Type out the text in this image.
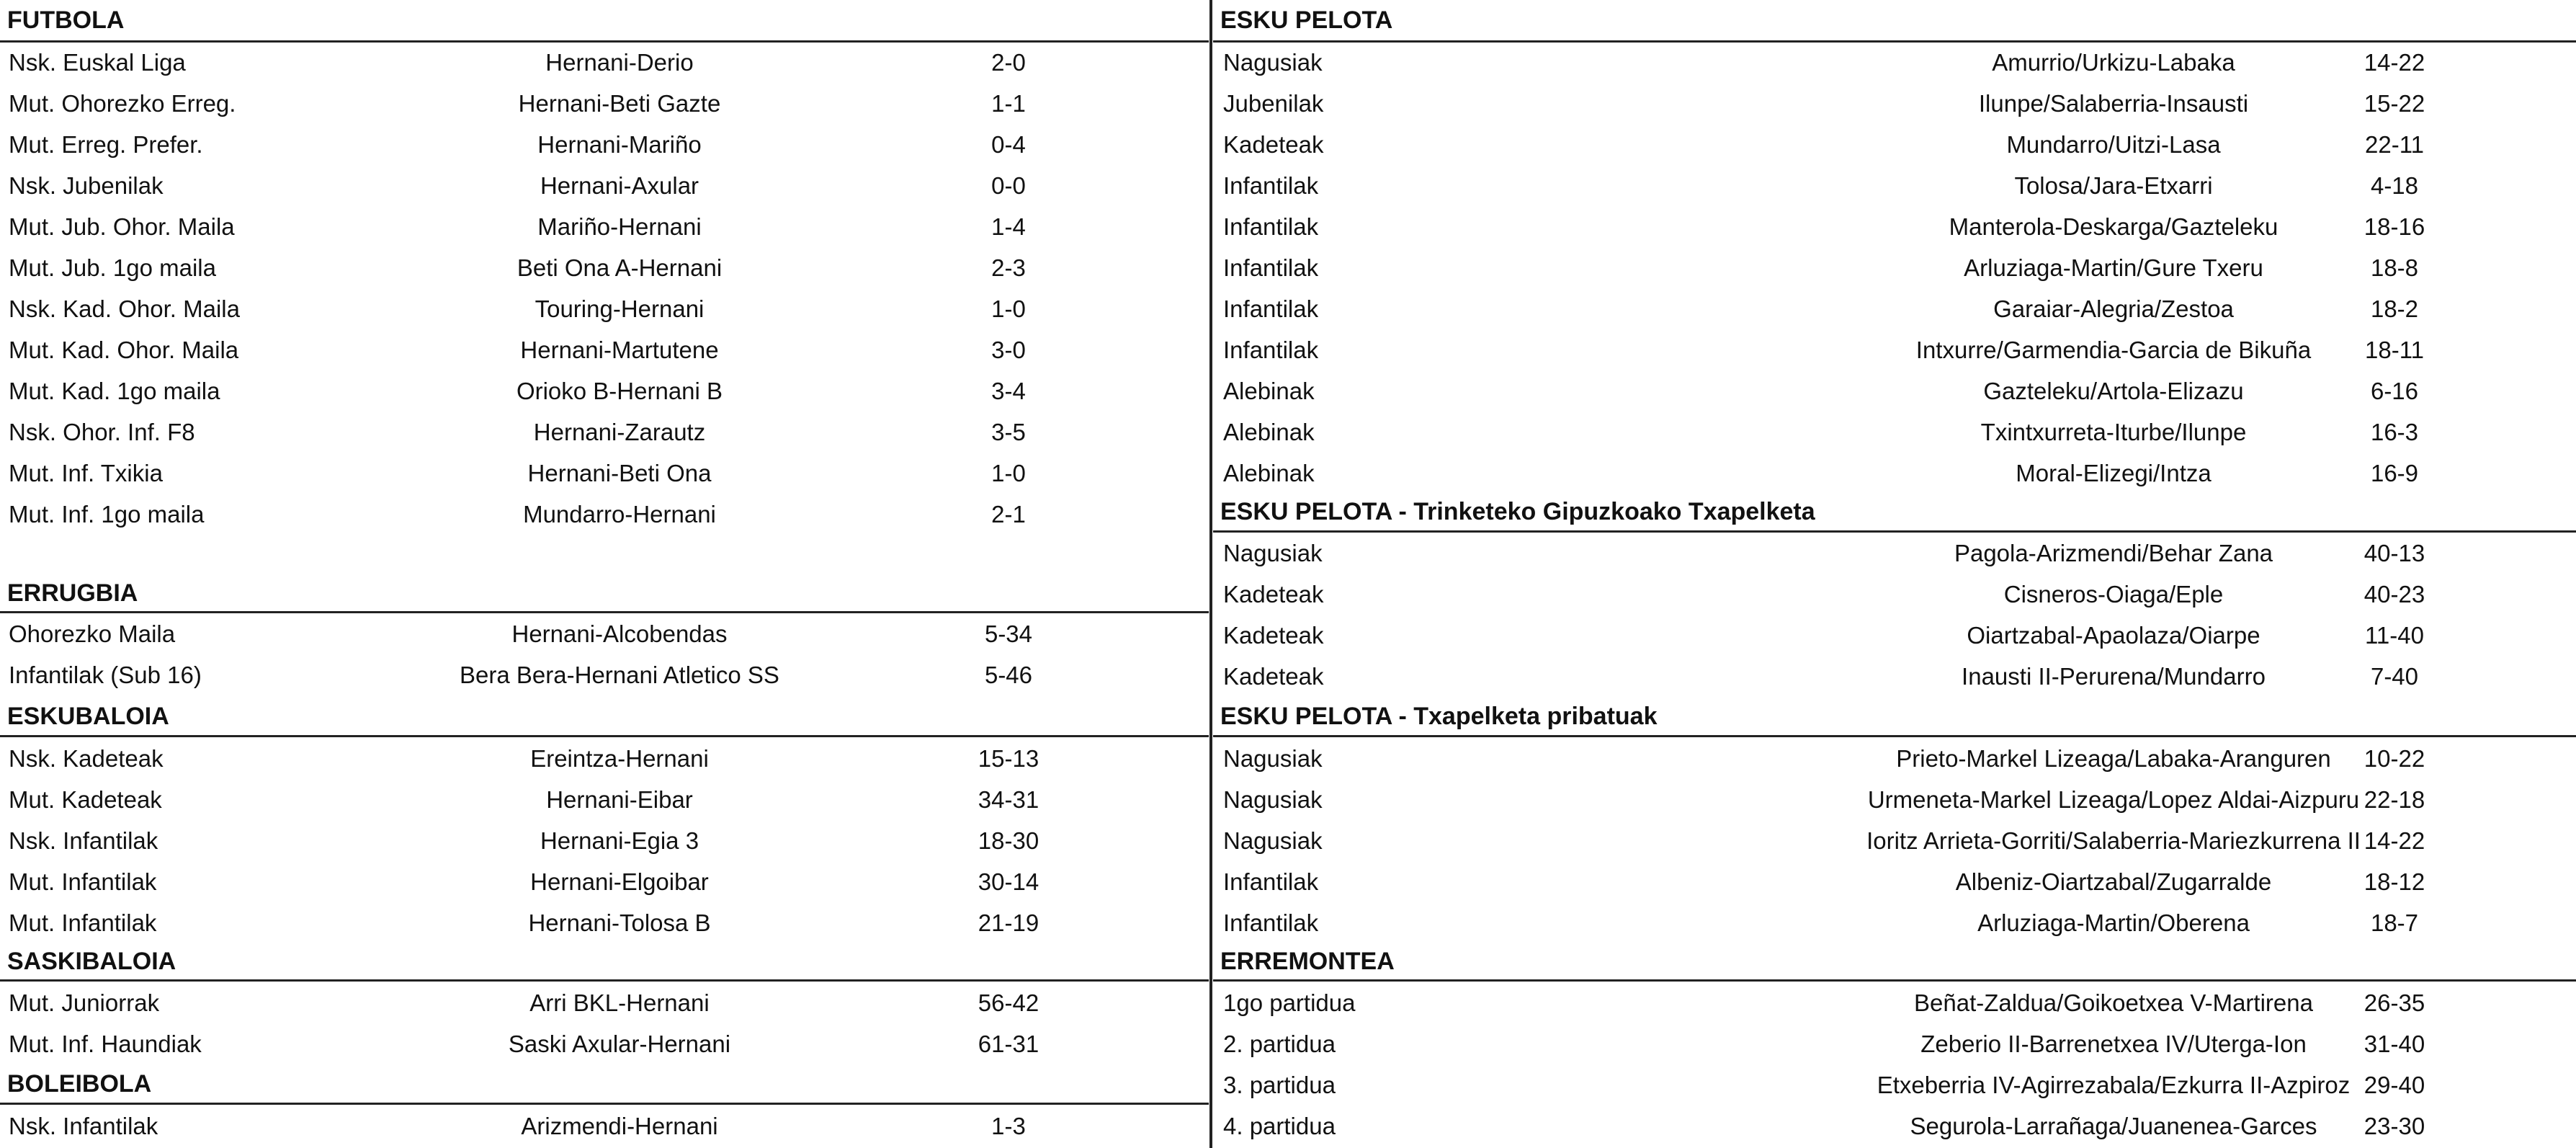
FUTBOLA
Nsk. Euskal Liga	Hernani-Derio	2-0
Mut. Ohorezko Erreg.	Hernani-Beti Gazte	1-1
Mut. Erreg. Prefer.	Hernani-Mariño	0-4
Nsk. Jubenilak	Hernani-Axular	0-0
Mut. Jub. Ohor. Maila	Mariño-Hernani	1-4
Mut. Jub. 1go maila	Beti Ona A-Hernani	2-3
Nsk. Kad. Ohor. Maila	Touring-Hernani	1-0
Mut. Kad. Ohor. Maila	Hernani-Martutene	3-0
Mut. Kad. 1go maila	Orioko B-Hernani B	3-4
Nsk. Ohor. Inf. F8	Hernani-Zarautz	3-5
Mut. Inf. Txikia	Hernani-Beti Ona	1-0
Mut. Inf. 1go maila	Mundarro-Hernani	2-1
ERRUGBIA
Ohorezko Maila	Hernani-Alcobendas	5-34
Infantilak (Sub 16)	Bera Bera-Hernani Atletico SS	5-46
ESKUBALOIA
Nsk. Kadeteak	Ereintza-Hernani	15-13
Mut. Kadeteak	Hernani-Eibar	34-31
Nsk. Infantilak	Hernani-Egia 3	18-30
Mut. Infantilak	Hernani-Elgoibar	30-14
Mut. Infantilak	Hernani-Tolosa B	21-19
SASKIBALOIA
Mut. Juniorrak	Arri BKL-Hernani	56-42
Mut. Inf. Haundiak	Saski Axular-Hernani	61-31
BOLEIBOLA
Nsk. Infantilak	Arizmendi-Hernani	1-3
ESKU PELOTA
Nagusiak	Amurrio/Urkizu-Labaka	14-22
Jubenilak	Ilunpe/Salaberria-Insausti	15-22
Kadeteak	Mundarro/Uitzi-Lasa	22-11
Infantilak	Tolosa/Jara-Etxarri	4-18
Infantilak	Manterola-Deskarga/Gazteleku	18-16
Infantilak	Arluziaga-Martin/Gure Txeru	18-8
Infantilak	Garaiar-Alegria/Zestoa	18-2
Infantilak	Intxurre/Garmendia-Garcia de Bikuña	18-11
Alebinak	Gazteleku/Artola-Elizazu	6-16
Alebinak	Txintxurreta-Iturbe/Ilunpe	16-3
Alebinak	Moral-Elizegi/Intza	16-9
ESKU PELOTA - Trinketeko Gipuzkoako Txapelketa
Nagusiak	Pagola-Arizmendi/Behar Zana	40-13
Kadeteak	Cisneros-Oiaga/Eple	40-23
Kadeteak	Oiartzabal-Apaolaza/Oiarpe	11-40
Kadeteak	Inausti II-Perurena/Mundarro	7-40
ESKU PELOTA - Txapelketa pribatuak
Nagusiak	Prieto-Markel Lizeaga/Labaka-Aranguren	10-22
Nagusiak	Urmeneta-Markel Lizeaga/Lopez Aldai-Aizpuru 22-18
Nagusiak	Ioritz Arrieta-Gorriti/Salaberria-Mariezkurrena II 14-22
Infantilak	Albeniz-Oiartzabal/Zugarralde	18-12
Infantilak	Arluziaga-Martin/Oberena	18-7
ERREMONTEA
1go partidua	Beñat-Zaldua/Goikoetxea V-Martirena	26-35
2. partidua	Zeberio II-Barrenetxea IV/Uterga-Ion	31-40
3. partidua	Etxeberria IV-Agirrezabala/Ezkurra II-Azpiroz 29-40
4. partidua	Segurola-Larrañaga/Juanenea-Garces	23-30
